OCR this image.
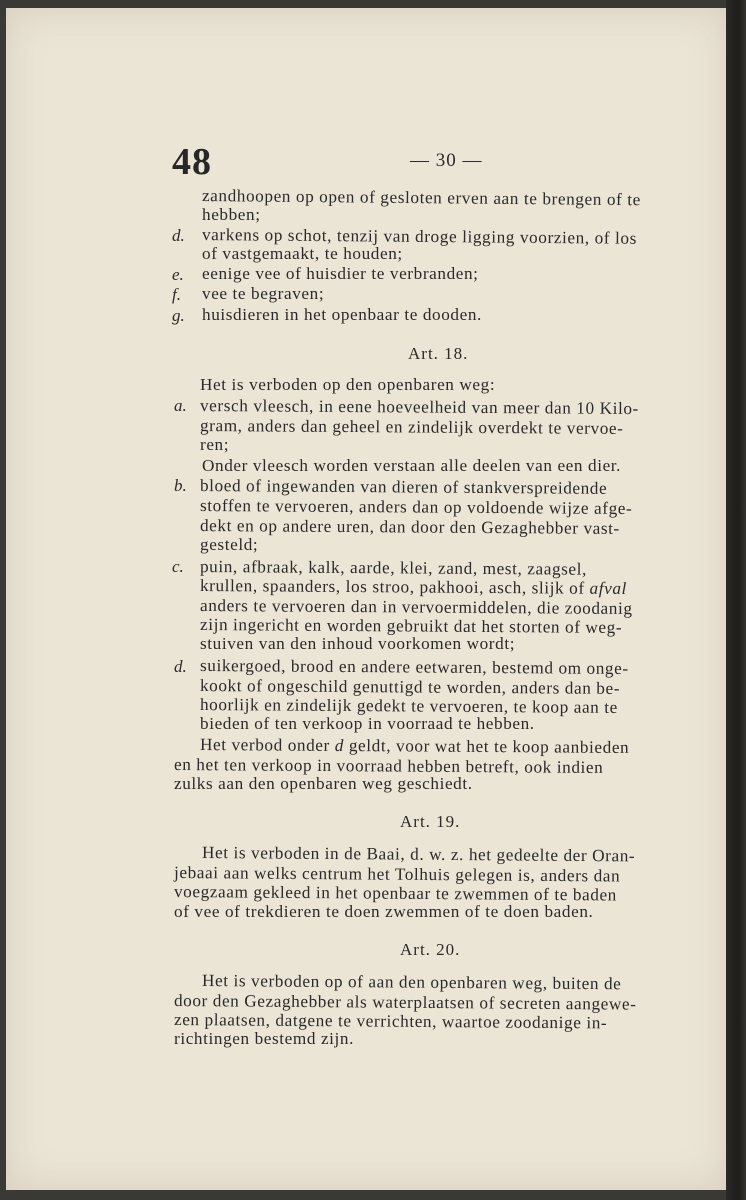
48	— 30 —
zandhoopen op open of gesloten erven aan te brengen of te
hebben;
d. varkens op schot, tenzij van droge ligging voorzien, of los
of vastgemaakt, te houden;
e. eenige vee of huisdier te verbranden;
f. vee te begraven;
g. huisdieren in het openbaar te dooden.
Art. 18.
Het is verboden op den openbaren weg:
a. versch vleesch, in eene hoeveelheid van meer dan 10 Kilo-
gram, anders dan geheel en zindelijk overdekt te vervoe-
ren;
Onder vleesch worden verstaan alle deelen van een dier.
b. bloed of ingewanden van dieren of stankverspreidende
stoffen te vervoeren, anders dan op voldoende wijze afge-
dekt en op andere uren, dan door den Gezaghebber vast-
gesteld;
c. puin, afbraak, kalk, aarde, klei, zand, mest, zaagsel,
krullen, spaanders, los stroo, pakhooi, asch, slijk of afval
anders te vervoeren dan in vervoermiddelen, die zoodanig
zijn ingericht en worden gebruikt dat het storten of weg-
stuiven van den inhoud voorkomen wordt;
d. suikergoed, brood en andere eetwaren, bestemd om onge-
kookt of ongeschild genuttigd te worden, anders dan be-
hoorlijk en zindelijk gedekt te vervoeren, te koop aan te
bieden of ten verkoop in voorraad te hebben.
Het verbod onder d geldt, voor wat het te koop aanbieden
en het ten verkoop in voorraad hebben betreft, ook indien
zulks aan den openbaren weg geschiedt.
Art. 19.
Het is verboden in de Baai, d. w. z. het gedeelte der Oran-
jebaai aan welks centrum het Tolhuis gelegen is, anders dan
voegzaam gekleed in het openbaar te zwemmen of te baden
of vee of trekdieren te doen zwemmen of te doen baden.
Art. 20.
Het is verboden op of aan den openbaren weg, buiten de
door den Gezaghebber als waterplaatsen of secreten aangewe-
zen plaatsen, datgene te verrichten, waartoe zoodanige in-
richtingen bestemd zijn.
